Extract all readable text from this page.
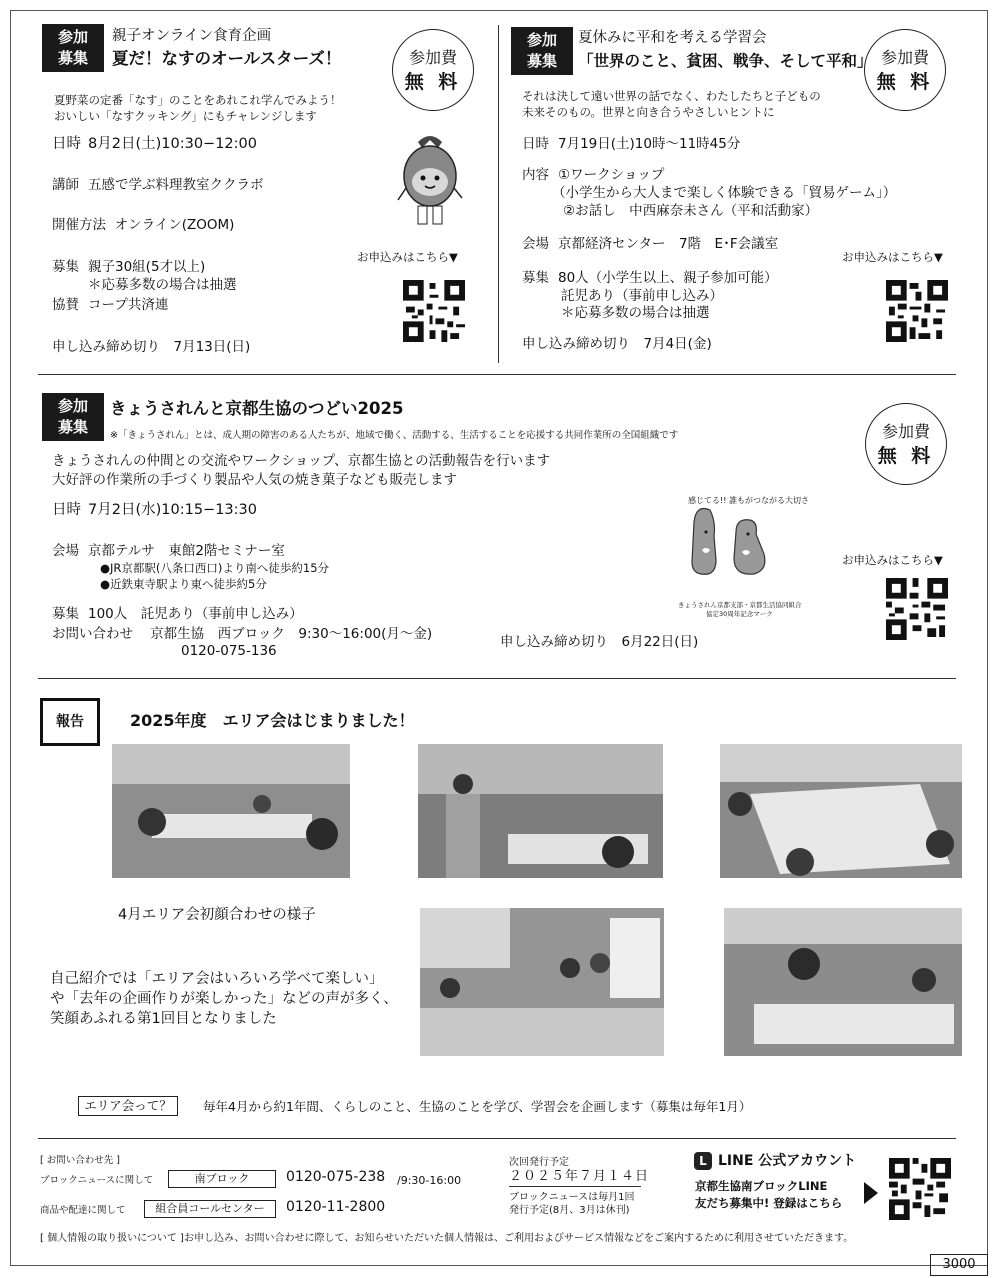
参加
募集
親子オンライン食育企画
夏だ！なすのオールスターズ！	参加費
無 料
夏野菜の定番「なす」のことをあれこれ学んでみよう！
おいしい「なすクッキング」にもチャレンジします
日時 8月2日(土)10:30−12:00
講師 五感で学ぶ料理教室ククラボ
開催方法 オンライン(ZOOM)
募集 親子30組(5才以上)
＊応募多数の場合は抽選
協賛 コープ共済連
申し込み締め切り　7月13日(日)
お申込みはこちら▼
参加
募集
夏休みに平和を考える学習会
「世界のこと、貧困、戦争、そして平和」 参加費
無 料
それは決して遠い世界の話でなく、わたしたちと子どもの
未来そのもの。世界と向き合うやさしいヒントに
日時 7月19日(土)10時〜11時45分
内容 ①ワークショップ
（小学生から大人まで楽しく体験できる「貿易ゲーム」）
②お話し　中西麻奈未さん（平和活動家）
会場 京都経済センター　7階　E･F会議室
募集 80人（小学生以上、親子参加可能）
託児あり（事前申し込み）
＊応募多数の場合は抽選
申し込み締め切り　7月4日(金)
お申込みはこちら▼
参加
募集
きょうされんと京都生協のつどい2025
※「きょうされん」とは、成人期の障害のある人たちが、地域で働く、活動する、生活することを応援する共同作業所の全国組織です	参加費
無 料
きょうされんの仲間との交流やワークショップ、京都生協との活動報告を行います
大好評の作業所の手づくり製品や人気の焼き菓子なども販売します
日時 7月2日(水)10:15−13:30
会場 京都テルサ　東館2階セミナー室
●JR京都駅(八条口西口)より南へ徒歩約15分
●近鉄東寺駅より東へ徒歩約5分
募集 100人　託児あり（事前申し込み）
お問い合わせ 京都生協　西ブロック　9:30〜16:00(月〜金)
0120-075-136
申し込み締め切り　6月22日(日)
感じてる!! 誰もがつながる大切さ
きょうされん京都支部・京都生活協同組合
協定30周年記念マーク
お申込みはこちら▼
報告	2025年度　エリア会はじまりました！
4月エリア会初顔合わせの様子
自己紹介では「エリア会はいろいろ学べて楽しい」
や「去年の企画作りが楽しかった」などの声が多く、
笑顔あふれる第1回目となりました
エリア会って？	毎年4月から約1年間、くらしのこと、生協のことを学び、学習会を企画します（募集は毎年1月）
[ お問い合わせ先 ]
ブロックニュースに関して	南ブロック	0120-075-238 /9:30-16:00
商品や配達に関して	組合員コールセンター	0120-11-2800
次回発行予定
２０２５年７月１４日
ブロックニュースは毎月1回
発行予定(8月、3月は休刊)
L LINE 公式アカウント
京都生協南ブロックLINE
友だち募集中! 登録はこちら
[ 個人情報の取り扱いについて ]お申し込み、お問い合わせに際して、お知らせいただいた個人情報は、ご利用およびサービス情報などをご案内するために利用させていただきます。
3000
